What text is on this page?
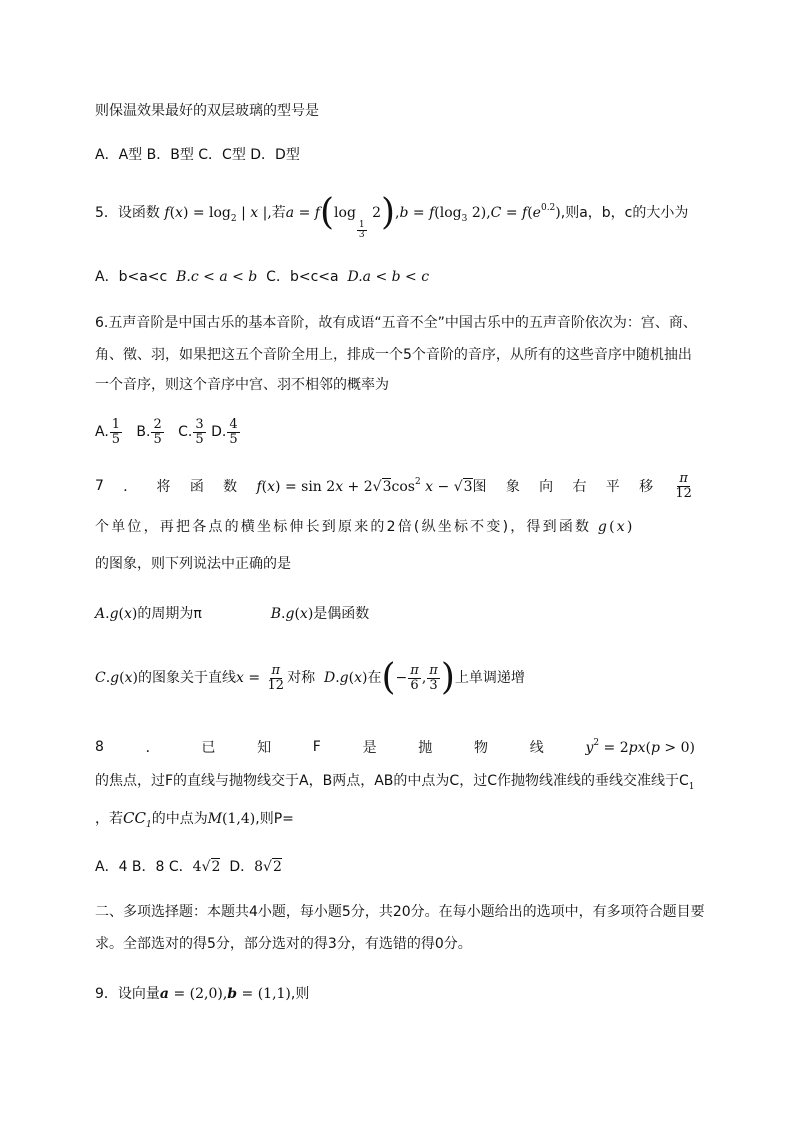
则保温效果最好的双层玻璃的型号是
A．A型 B．B型 C．C型 D．D型
5．设函数 $f(x) = \log_2$ | x |,若a = f(log
$\frac{1}{3}$
$2),b = f(\log_3$ $2),C = f(e^{0.2})$,则a，b，c的大小为
A．b<a<c B.c < a < b C．b<c<a D.a < b < c
6.五声音阶是中国古乐的基本音阶，故有成语“五音不全”中国古乐中的五声音阶依次为：宫、商、
角、徵、羽，如果把这五个音阶全用上，排成一个5个音阶的音序，从所有的这些音序中随机抽出
一个音序，则这个音序中宫、羽不相邻的概率为
A. $\frac{1}{5} B$. $\frac{2}{5} C$. $\frac{3}{5} D$. $\frac{4}{5}$
7 ． 将 函 数 $f(x) = \sin 2x + 2√3\cos^2$ x − √3图 象 向 右 平 移 $\frac{\pi}{12}$
个单位，再把各点的横坐标伸长到原来的2倍(纵坐标不变)，得到函数 g(x)
的图象，则下列说法中正确的是
A.g(x)的周期为π	B.g(x)是偶函数
C.g(x)的图象关于直线$x = \frac{\pi}{12}$ 对称 D.g(x)在(− $\frac{\pi}{6}$ , $\frac{\pi}{3}$ )上单调递增
8	．	已	知	F	是	抛	物	线	$y^2 = 2px(p > 0)$
的焦点，过F的直线与抛物线交于A，B两点，AB的中点为C，过C作抛物线准线的垂线交准线于$C_1$
，若$CC_1$的中点为M(1,4),则P=
A．4 B．8 C．4√2  D．8√2
二、多项选择题：本题共4小题，每小题5分，共20分。在每小题给出的选项中，有多项符合题目要
求。全部选对的得5分，部分选对的得3分，有选错的得0分。
9．设向量a = (2,0),b = (1,1),则
